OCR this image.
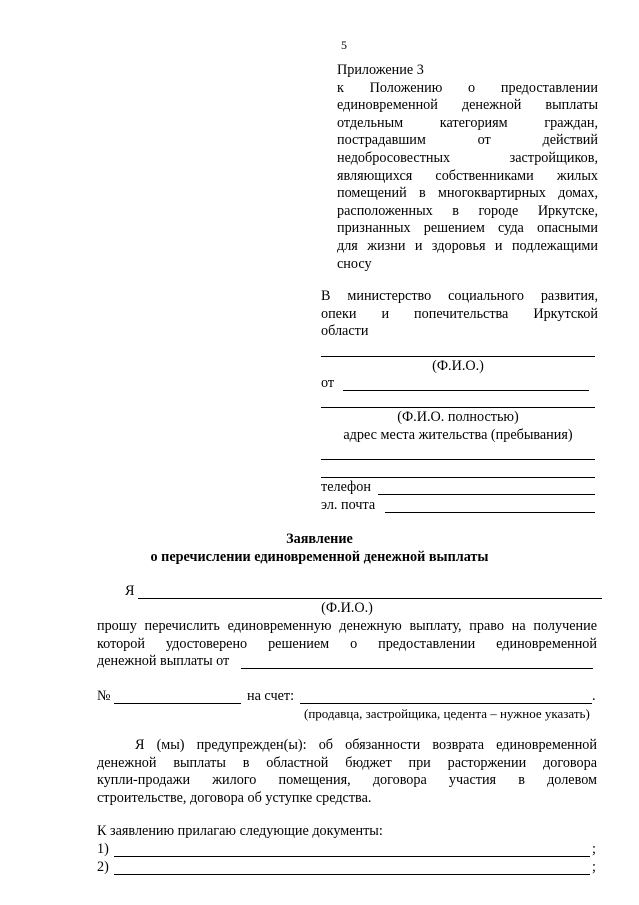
5
Приложение 3
к Положению о предоставлении
единовременной денежной выплаты
отдельным категориям граждан,
пострадавшим от действий
недобросовестных застройщиков,
являющихся собственниками жилых
помещений в многоквартирных домах,
расположенных в городе Иркутске,
признанных решением суда опасными
для жизни и здоровья и подлежащими
сносу
В министерство социального развития,
опеки и попечительства Иркутской
области
(Ф.И.О.)
от
(Ф.И.О. полностью)
адрес места жительства (пребывания)
телефон
эл. почта
Заявление
о перечислении единовременной денежной выплаты
Я
(Ф.И.О.)
прошу перечислить единовременную денежную выплату, право на получение
которой удостоверено решением о предоставлении единовременной
денежной выплаты от
№	на счет:	.
(продавца, застройщика, цедента – нужное указать)
Я (мы) предупрежден(ы): об обязанности возврата единовременной
денежной выплаты в областной бюджет при расторжении договора
купли-продажи жилого помещения, договора участия в долевом
строительстве, договора об уступке средства.
К заявлению прилагаю следующие документы:
1)	;
2)	;
